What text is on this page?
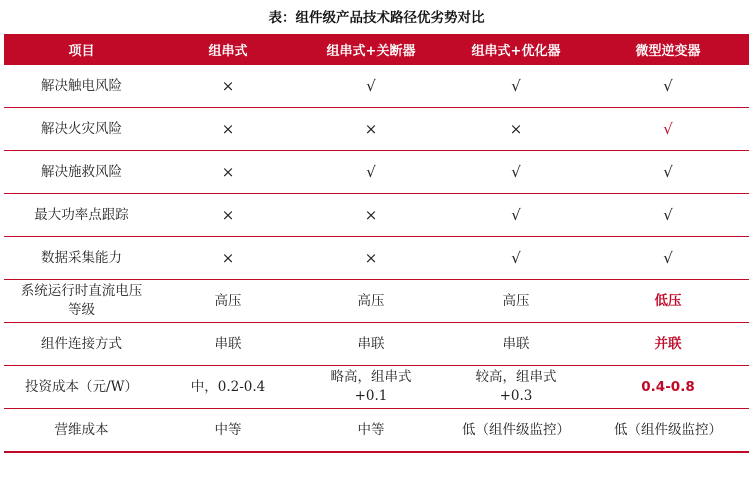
表：组件级产品技术路径优劣势对比
项目	组串式	组串式+关断器	组串式+优化器	微型逆变器
解决触电风险	×	√	√	√
解决火灾风险	×	×	×	√
解决施救风险	×	√	√	√
最大功率点跟踪	×	×	√	√
数据采集能力	×	×	√	√
系统运行时直流电压等级	高压	高压	高压	低压
组件连接方式	串联	串联	串联	并联
投资成本（元/W）	中，0.2-0.4	略高，组串式+0.1	较高，组串式+0.3	0.4-0.8
营维成本	中等	中等	低（组件级监控）	低（组件级监控）
